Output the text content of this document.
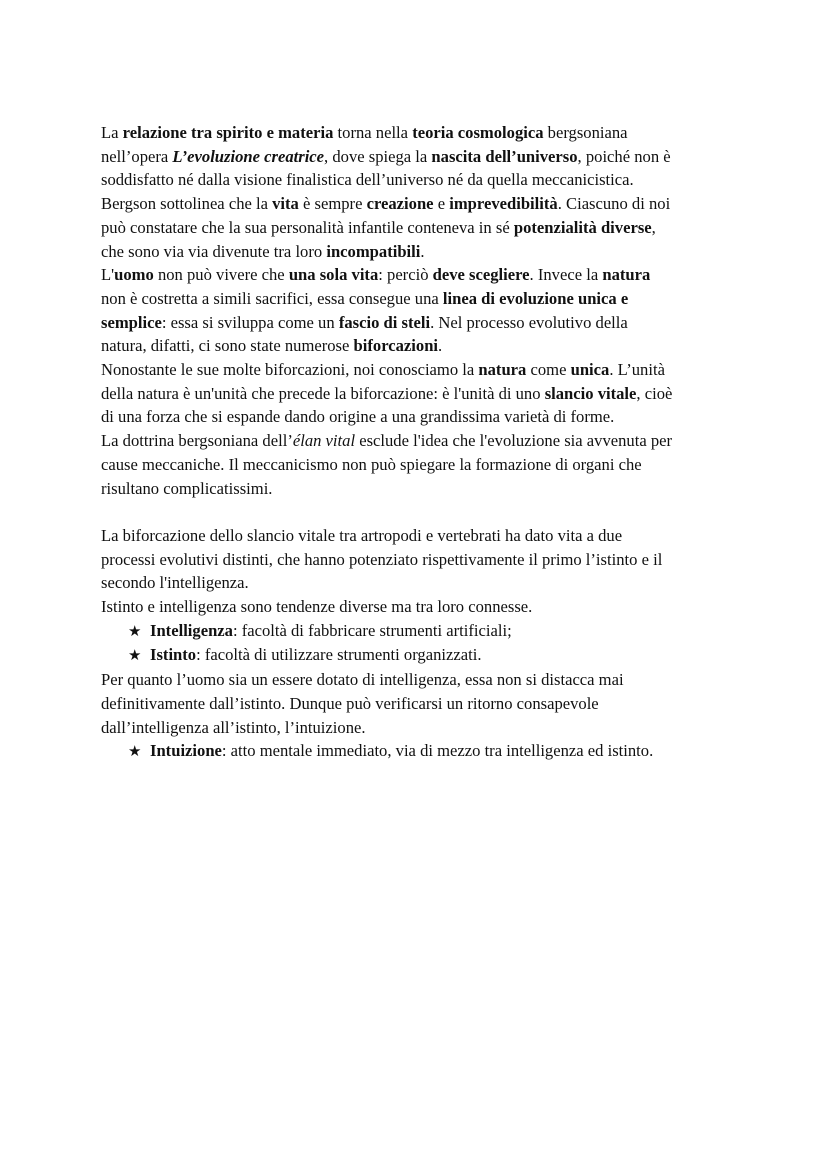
La relazione tra spirito e materia torna nella teoria cosmologica bergsoniana
nell’opera L’evoluzione creatrice, dove spiega la nascita dell’universo, poiché non è
soddisfatto né dalla visione finalistica dell’universo né da quella meccanicistica.
Bergson sottolinea che la vita è sempre creazione e imprevedibilità. Ciascuno di noi
può constatare che la sua personalità infantile conteneva in sé potenzialità diverse,
che sono via via divenute tra loro incompatibili.
L'uomo non può vivere che una sola vita: perciò deve scegliere. Invece la natura
non è costretta a simili sacrifici, essa consegue una linea di evoluzione unica e
semplice: essa si sviluppa come un fascio di steli. Nel processo evolutivo della
natura, difatti, ci sono state numerose biforcazioni.
Nonostante le sue molte biforcazioni, noi conosciamo la natura come unica. L’unità
della natura è un'unità che precede la biforcazione: è l'unità di uno slancio vitale, cioè
di una forza che si espande dando origine a una grandissima varietà di forme.
La dottrina bergsoniana dell’élan vital esclude l'idea che l'evoluzione sia avvenuta per
cause meccaniche. Il meccanicismo non può spiegare la formazione di organi che
risultano complicatissimi.
La biforcazione dello slancio vitale tra artropodi e vertebrati ha dato vita a due
processi evolutivi distinti, che hanno potenziato rispettivamente il primo l’istinto e il
secondo l'intelligenza.
Istinto e intelligenza sono tendenze diverse ma tra loro connesse.
★ Intelligenza: facoltà di fabbricare strumenti artificiali;
★ Istinto: facoltà di utilizzare strumenti organizzati.
Per quanto l’uomo sia un essere dotato di intelligenza, essa non si distacca mai
definitivamente dall’istinto. Dunque può verificarsi un ritorno consapevole
dall’intelligenza all’istinto, l’intuizione.
★ Intuizione: atto mentale immediato, via di mezzo tra intelligenza ed istinto.
